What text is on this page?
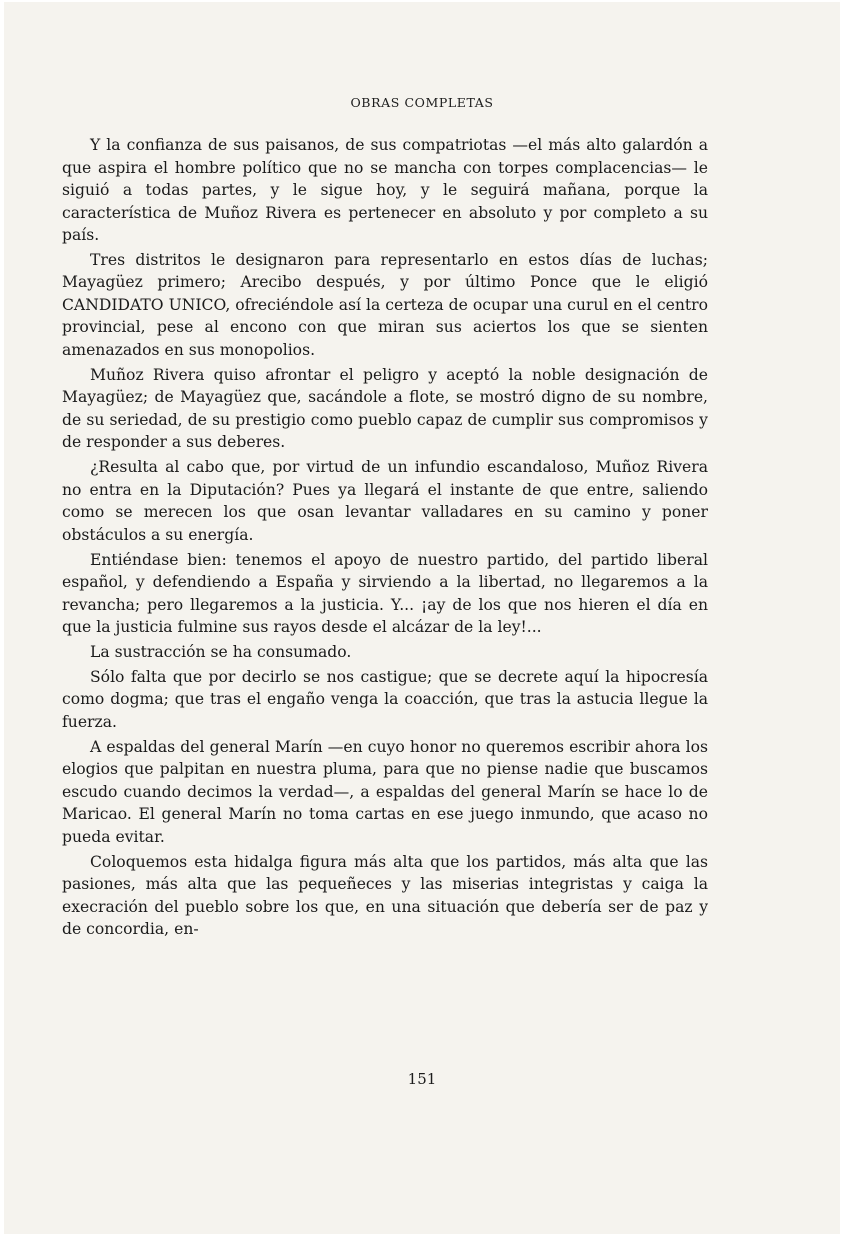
OBRAS COMPLETAS

Y la confianza de sus paisanos, de sus compatriotas —el más alto galardón a que aspira el hombre político que no se mancha con torpes complacencias— le siguió a todas partes, y le sigue hoy, y le seguirá mañana, porque la característica de Muñoz Rivera es pertenecer en absoluto y por completo a su país.

Tres distritos le designaron para representarlo en estos días de luchas; Mayagüez primero; Arecibo después, y por último Ponce que le eligió CANDIDATO UNICO, ofreciéndole así la certeza de ocupar una curul en el centro provincial, pese al encono con que miran sus aciertos los que se sienten amenazados en sus monopolios.

Muñoz Rivera quiso afrontar el peligro y aceptó la noble designación de Mayagüez; de Mayagüez que, sacándole a flote, se mostró digno de su nombre, de su seriedad, de su prestigio como pueblo capaz de cumplir sus compromisos y de responder a sus deberes.

¿Resulta al cabo que, por virtud de un infundio escandaloso, Muñoz Rivera no entra en la Diputación? Pues ya llegará el instante de que entre, saliendo como se merecen los que osan levantar valladares en su camino y poner obstáculos a su energía.

Entiéndase bien: tenemos el apoyo de nuestro partido, del partido liberal español, y defendiendo a España y sirviendo a la libertad, no llegaremos a la revancha; pero llegaremos a la justicia. Y... ¡ay de los que nos hieren el día en que la justicia fulmine sus rayos desde el alcázar de la ley!...

La sustracción se ha consumado.

Sólo falta que por decirlo se nos castigue; que se decrete aquí la hipocresía como dogma; que tras el engaño venga la coacción, que tras la astucia llegue la fuerza.

A espaldas del general Marín —en cuyo honor no queremos escribir ahora los elogios que palpitan en nuestra pluma, para que no piense nadie que buscamos escudo cuando decimos la verdad—, a espaldas del general Marín se hace lo de Maricao. El general Marín no toma cartas en ese juego inmundo, que acaso no pueda evitar.

Coloquemos esta hidalga figura más alta que los partidos, más alta que las pasiones, más alta que las pequeñeces y las miserias integristas y caiga la execración del pueblo sobre los que, en una situación que debería ser de paz y de concordia, en-

151
